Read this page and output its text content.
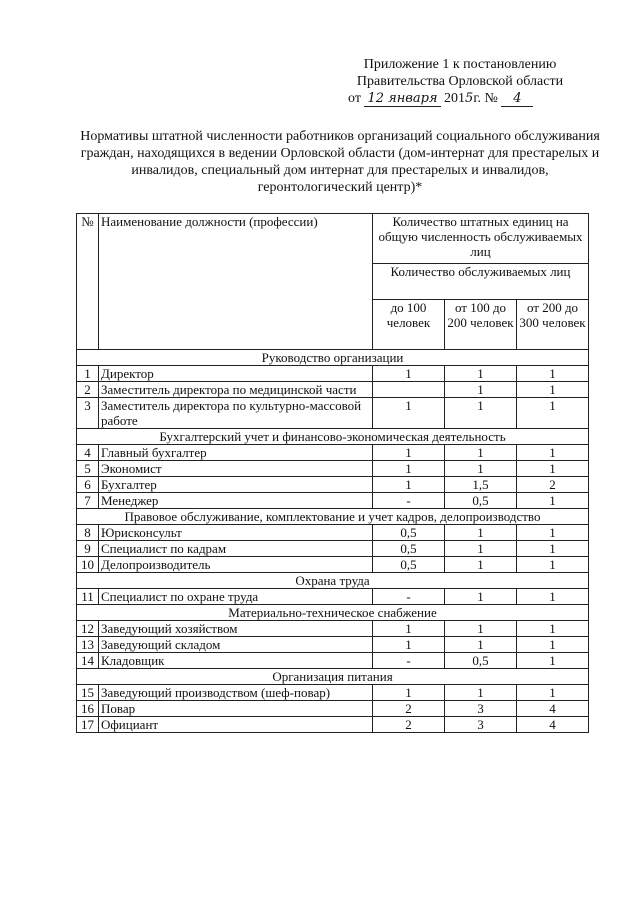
Приложение 1 к постановлению
Правительства Орловской области
от 12 января 2015г. № 4
Нормативы штатной численности работников организаций социального обслуживания граждан, находящихся в ведении Орловской области (дом-интернат для престарелых и инвалидов, специальный дом интернат для престарелых и инвалидов, геронтологический центр)*
№	Наименование должности (профессии)	Количество штатных единиц на общую численность обслуживаемых лиц		
		Количество обслуживаемых лиц		
		до 100 человек	от 100 до 200 человек	от 200 до 300 человек
Руководство организации				
1	Директор	1	1	1
2	Заместитель директора по медицинской части		1	1
3	Заместитель директора по культурно-массовой работе	1	1	1
Бухгалтерский учет и финансово-экономическая деятельность				
4	Главный бухгалтер	1	1	1
5	Экономист	1	1	1
6	Бухгалтер	1	1,5	2
7	Менеджер	-	0,5	1
Правовое обслуживание, комплектование и учет кадров, делопроизводство				
8	Юрисконсульт	0,5	1	1
9	Специалист по кадрам	0,5	1	1
10	Делопроизводитель	0,5	1	1
Охрана труда				
11	Специалист по охране труда	-	1	1
Материально-техническое снабжение				
12	Заведующий хозяйством	1	1	1
13	Заведующий складом	1	1	1
14	Кладовщик	-	0,5	1
Организация питания				
15	Заведующий производством (шеф-повар)	1	1	1
16	Повар	2	3	4
17	Официант	2	3	4
